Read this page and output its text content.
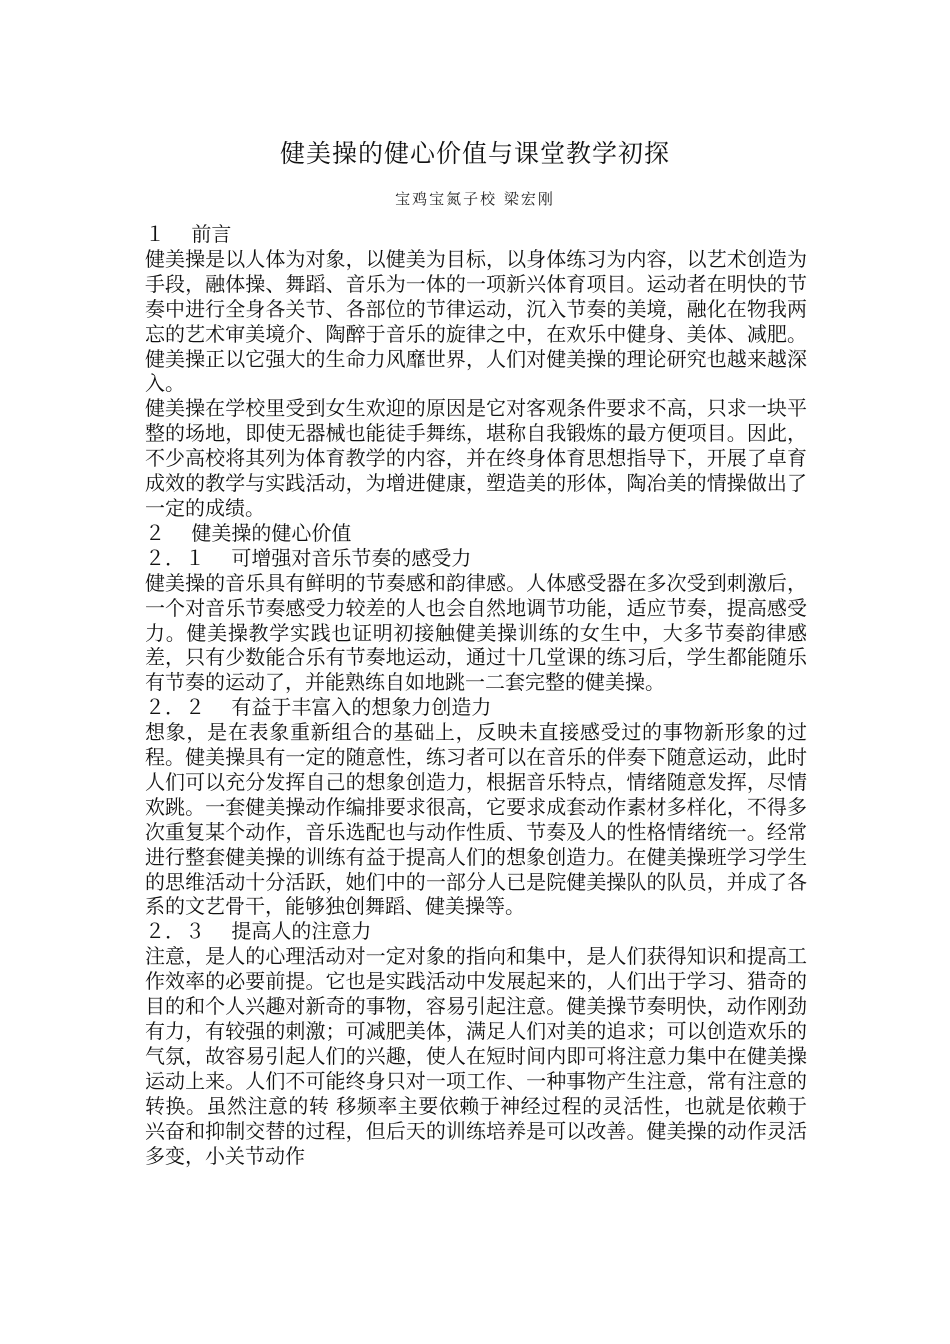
健美操的健心价值与课堂教学初探
宝鸡宝氮子校 梁宏刚
１　 前言

健美操是以人体为对象，以健美为目标，以身体练习为内容，以艺术创造为手段，融体操、舞蹈、音乐为一体的一项新兴体育项目。运动者在明快的节奏中进行全身各关节、各部位的节律运动，沉入节奏的美境，融化在物我两忘的艺术审美境介、陶醉于音乐的旋律之中，在欢乐中健身、美体、减肥。健美操正以它强大的生命力风靡世界，人们对健美操的理论研究也越来越深入。

健美操在学校里受到女生欢迎的原因是它对客观条件要求不高，只求一块平整的场地，即使无器械也能徒手舞练，堪称自我锻炼的最方便项目。因此，不少高校将其列为体育教学的内容，并在终身体育思想指导下，开展了卓育成效的教学与实践活动，为增进健康，塑造美的形体，陶冶美的情操做出了一定的成绩。

２　 健美操的健心价值
２．１　 可增强对音乐节奏的感受力

健美操的音乐具有鲜明的节奏感和韵律感。人体感受器在多次受到刺激后，一个对音乐节奏感受力较差的人也会自然地调节功能，适应节奏，提高感受力。健美操教学实践也证明初接触健美操训练的女生中，大多节奏韵律感差，只有少数能合乐有节奏地运动，通过十几堂课的练习后，学生都能随乐有节奏的运动了，并能熟练自如地跳一二套完整的健美操。

２．２　 有益于丰富入的想象力创造力

想象，是在表象重新组合的基础上，反映未直接感受过的事物新形象的过程。健美操具有一定的随意性，练习者可以在音乐的伴奏下随意运动，此时人们可以充分发挥自己的想象创造力，根据音乐特点，情绪随意发挥，尽情欢跳。一套健美操动作编排要求很高，它要求成套动作素材多样化，不得多次重复某个动作，音乐选配也与动作性质、节奏及人的性格情绪统一。经常进行整套健美操的训练有益于提高人们的想象创造力。在健美操班学习学生的思维活动十分活跃，她们中的一部分人已是院健美操队的队员，并成了各系的文艺骨干，能够独创舞蹈、健美操等。

２．３　 提高人的注意力

注意，是人的心理活动对一定对象的指向和集中，是人们获得知识和提高工作效率的必要前提。它也是实践活动中发展起来的，人们出于学习、猎奇的目的和个人兴趣对新奇的事物，容易引起注意。健美操节奏明快，动作刚劲有力，有较强的刺激；可减肥美体，满足人们对美的追求；可以创造欢乐的气氛，故容易引起人们的兴趣，使人在短时间内即可将注意力集中在健美操运动上来。人们不可能终身只对一项工作、一种事物产生注意，常有注意的转换。虽然注意的转 移频率主要依赖于神经过程的灵活性，也就是依赖于兴奋和抑制交替的过程，但后天的训练培养是可以改善。健美操的动作灵活多变，小关节动作
